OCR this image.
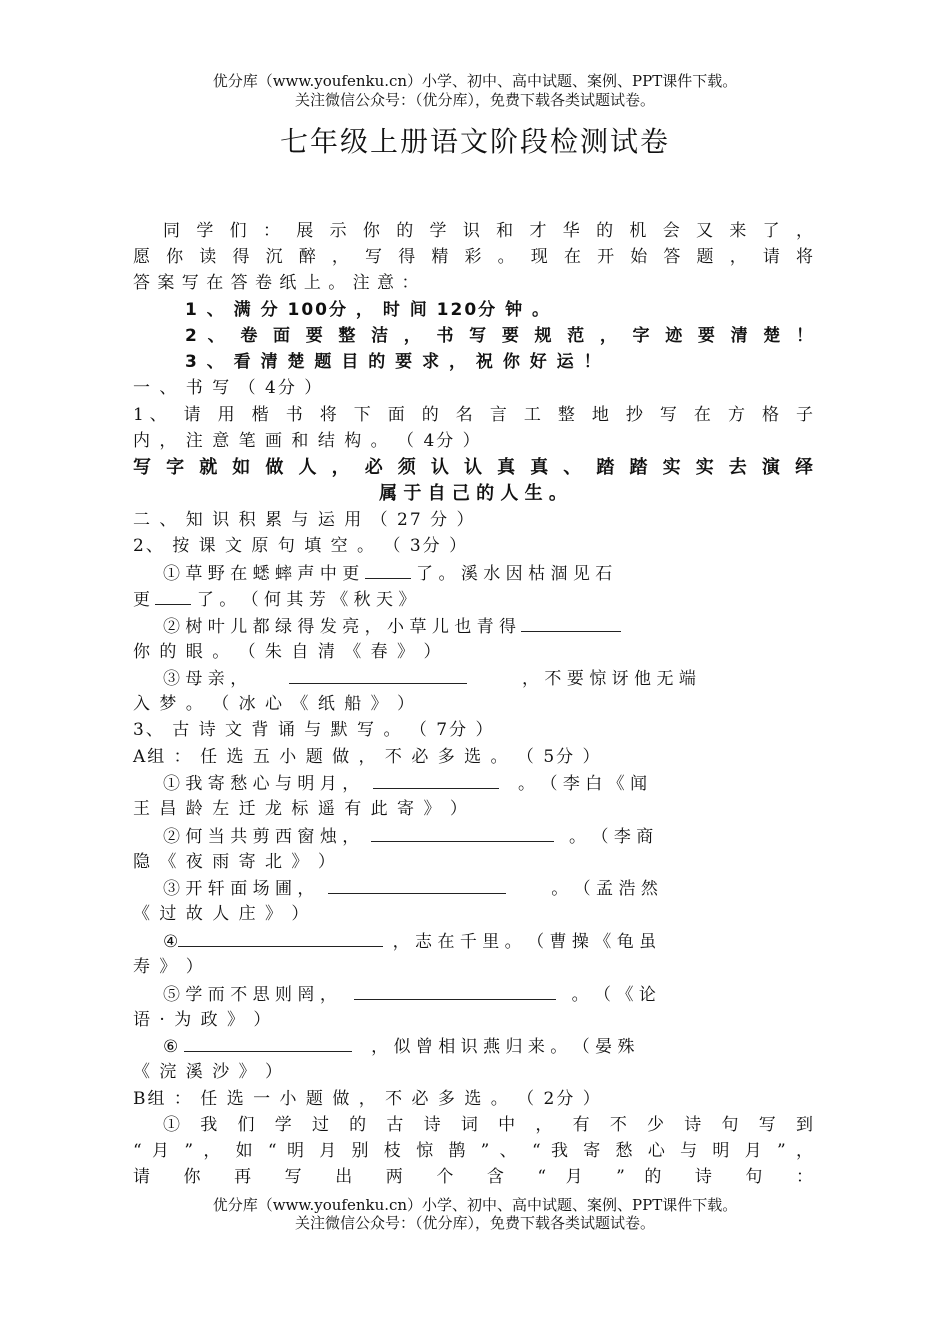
优分库（www.youfenku.cn）小学、初中、高中试题、案例、PPT课件下载。
关注微信公众号：（优分库），免费下载各类试题试卷。
七年级上册语文阶段检测试卷
同 学 们 ： 展 示 你 的 学 识 和 才 华 的 机 会 又 来 了 ，
愿 你 读 得 沉 醉 ， 写 得 精 彩 。 现 在 开 始 答 题 ， 请 将
答 案 写 在 答 卷 纸 上 。 注 意 ：
1 、 满 分 100分 ， 时 间 120分 钟 。
2 、 卷 面 要 整 洁 ， 书 写 要 规 范 ， 字 迹 要 清 楚 ！
3 、 看 清 楚 题 目 的 要 求 ， 祝 你 好 运 ！
一 、 书 写 （ 4分 ）
1、 请 用 楷 书 将 下 面 的 名 言 工 整 地 抄 写 在 方 格 子
内 ， 注 意 笔 画 和 结 构 。 （ 4分 ）
写 字 就 如 做 人 ， 必 须 认 认 真 真 、 踏 踏 实 实 去 演 绎
属 于 自 己 的 人 生 。
二 、 知 识 积 累 与 运 用 （ 27 分 ）
2、 按 课 文 原 句 填 空 。 （ 3分 ）
① 草 野 在 蟋 蟀 声 中 更	了 。 溪 水 因 枯 涸 见 石
更	了 。 （ 何 其 芳 《 秋 天 》
② 树 叶 儿 都 绿 得 发 亮 ， 小 草 儿 也 青 得
你 的 眼 。 （ 朱 自 清 《 春 》 ）
③ 母 亲 ，	， 不 要 惊 讶 他 无 端
入 梦 。 （ 冰 心 《 纸 船 》 ）
3、 古 诗 文 背 诵 与 默 写 。 （ 7分 ）
A组 ： 任 选 五 小 题 做 ， 不 必 多 选 。 （ 5分 ）
① 我 寄 愁 心 与 明 月 ，	。 （ 李 白 《 闻
王 昌 龄 左 迁 龙 标 遥 有 此 寄 》 ）
② 何 当 共 剪 西 窗 烛 ，	。 （ 李 商
隐 《 夜 雨 寄 北 》 ）
③ 开 轩 面 场 圃 ，	。 （ 孟 浩 然
《 过 故 人 庄 》 ）
④	， 志 在 千 里 。 （ 曹 操 《 龟 虽
寿 》 ）
⑤ 学 而 不 思 则 罔 ，	。 （ 《 论
语 · 为 政 》 ）
⑥	， 似 曾 相 识 燕 归 来 。 （ 晏 殊
《 浣 溪 沙 》 ）
B组 ： 任 选 一 小 题 做 ， 不 必 多 选 。 （ 2分 ）
① 我 们 学 过 的 古 诗 词 中 ， 有 不 少 诗 句 写 到
“ 月 ” ， 如 “ 明 月 别 枝 惊 鹊 ” 、 “ 我 寄 愁 心 与 明 月 ” ，
请 你 再 写 出 两 个 含 “ 月 ” 的 诗 句 ：
优分库（www.youfenku.cn）小学、初中、高中试题、案例、PPT课件下载。
关注微信公众号：（优分库），免费下载各类试题试卷。
